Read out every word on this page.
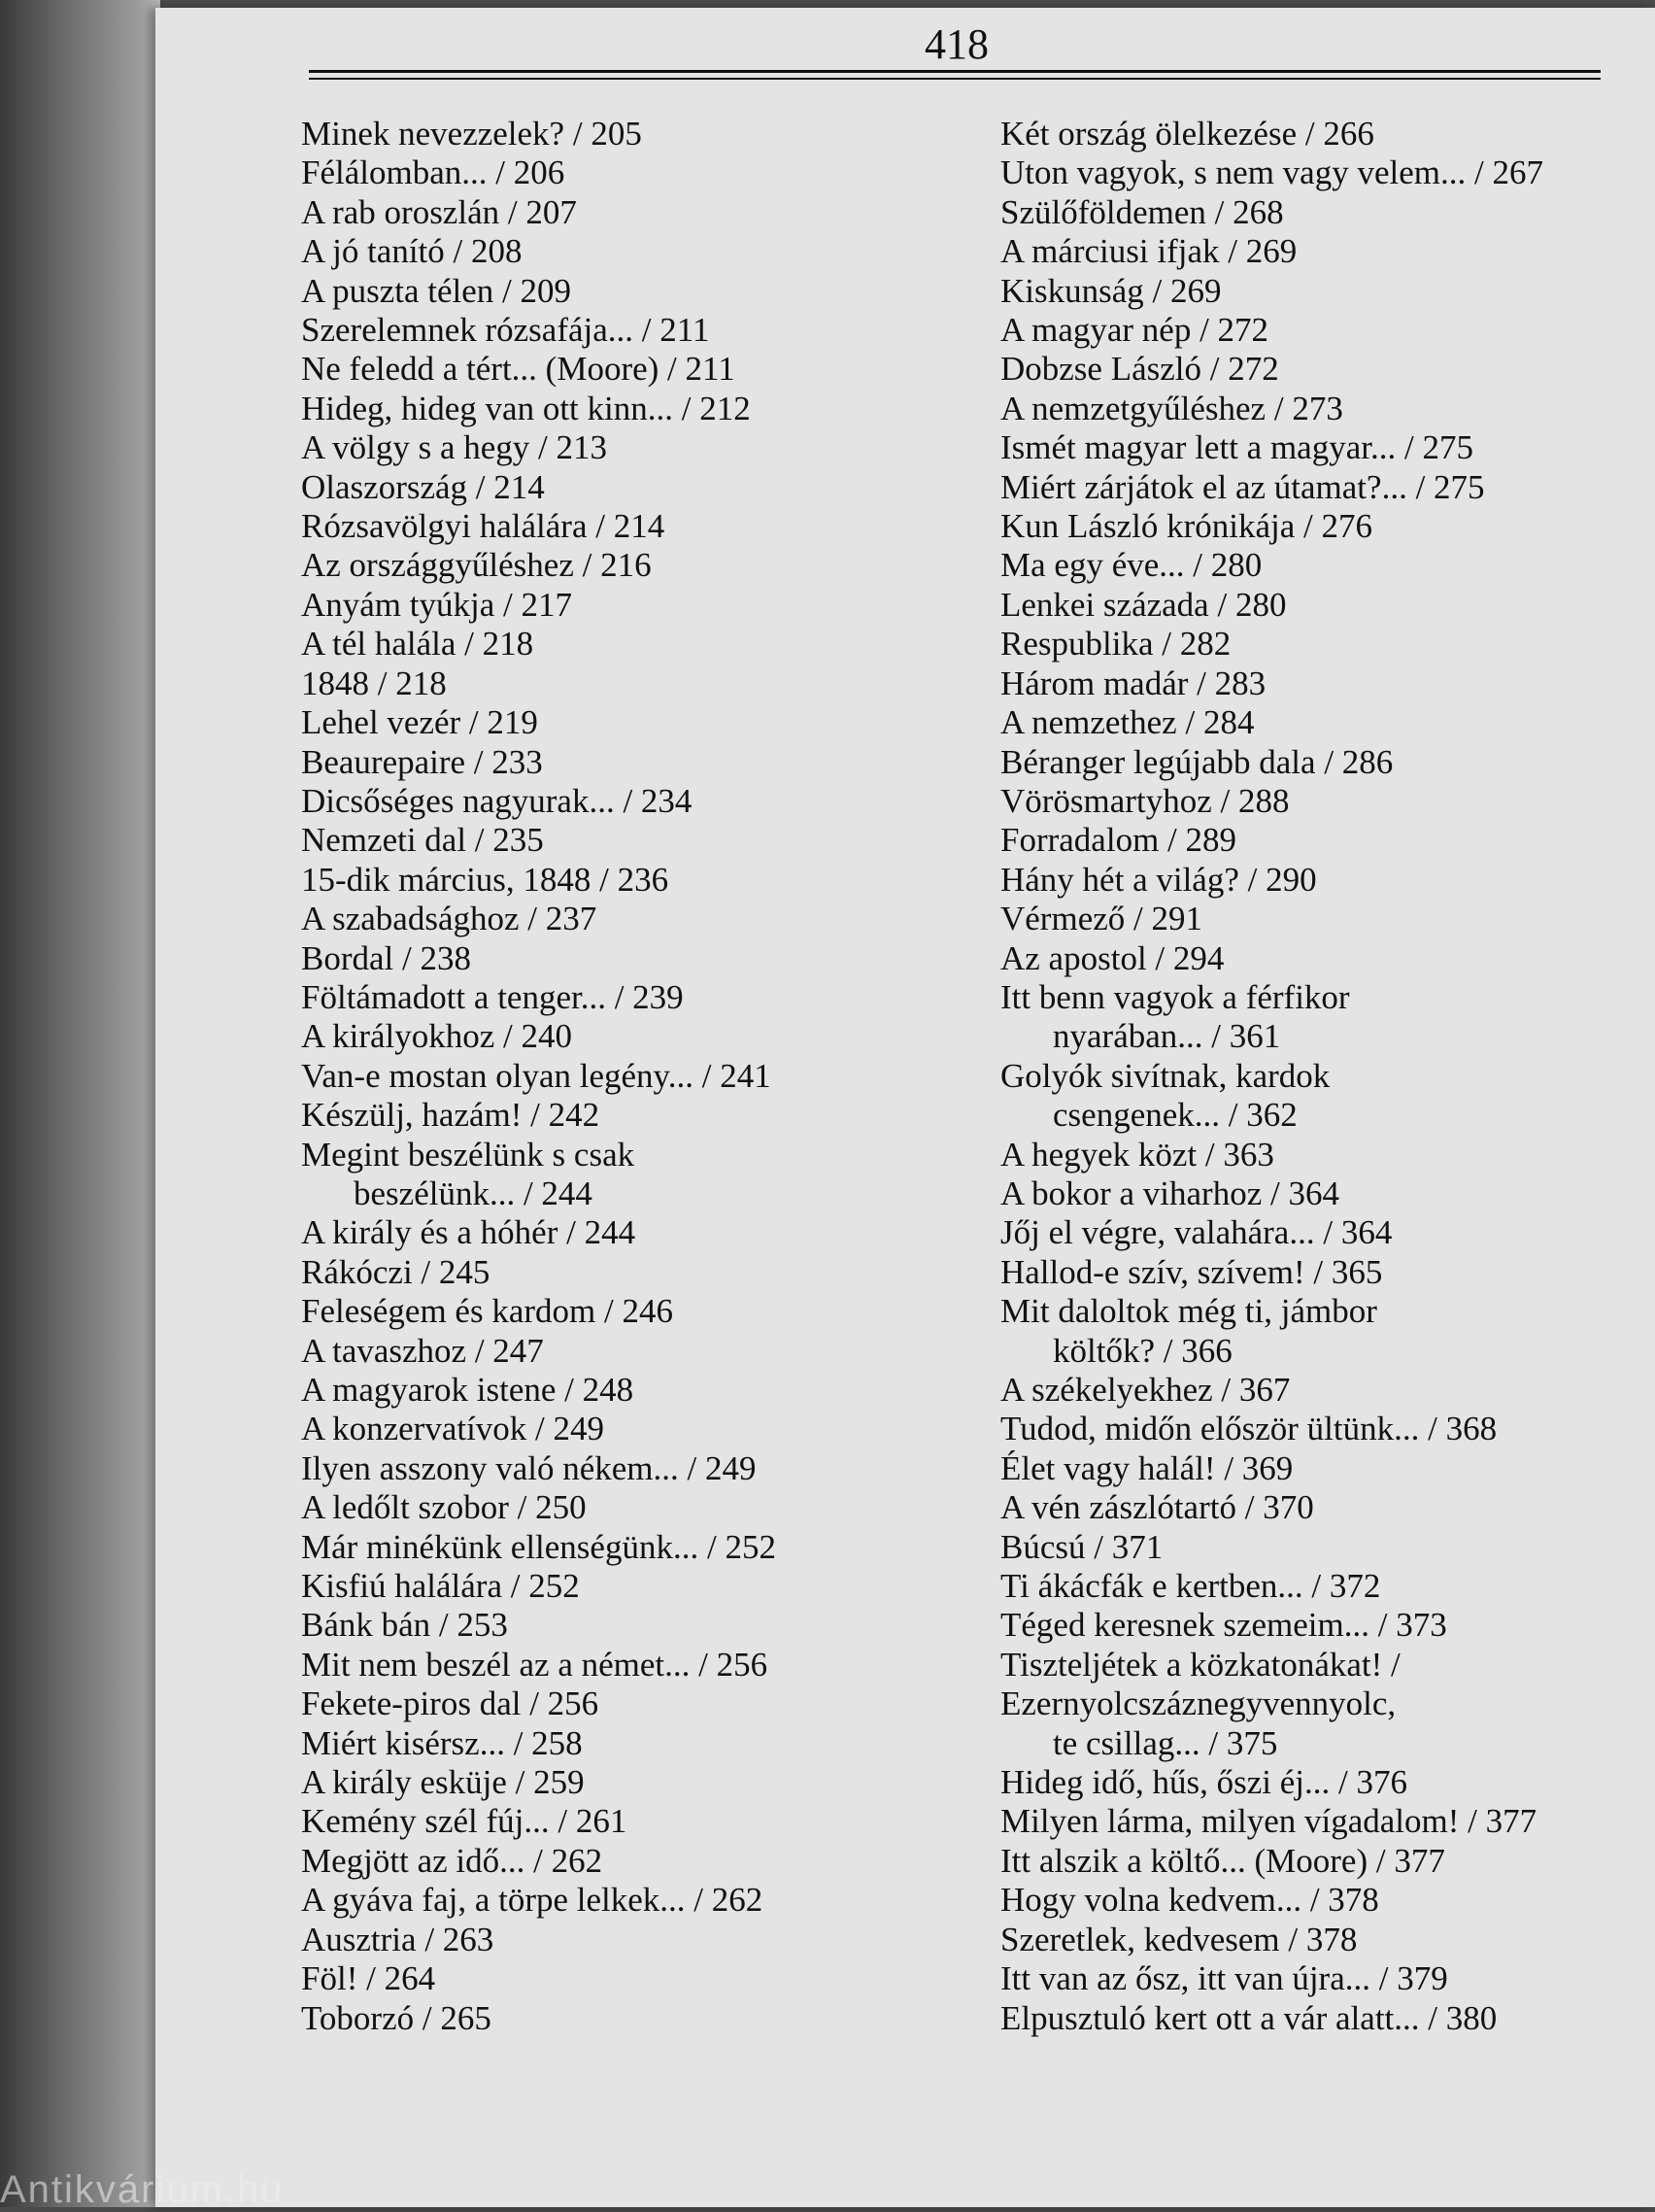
418
Minek nevezzelek? / 205
Félálomban... / 206
A rab oroszlán / 207
A jó tanító / 208
A puszta télen / 209
Szerelemnek rózsafája... / 211
Ne feledd a tért... (Moore) / 211
Hideg, hideg van ott kinn... / 212
A völgy s a hegy / 213
Olaszország / 214
Rózsavölgyi halálára / 214
Az országgyűléshez / 216
Anyám tyúkja / 217
A tél halála / 218
1848 / 218
Lehel vezér / 219
Beaurepaire / 233
Dicsőséges nagyurak... / 234
Nemzeti dal / 235
15-dik március, 1848 / 236
A szabadsághoz / 237
Bordal / 238
Föltámadott a tenger... / 239
A királyokhoz / 240
Van-e mostan olyan legény... / 241
Készülj, hazám! / 242
Megint beszélünk s csak
beszélünk... / 244
A király és a hóhér / 244
Rákóczi / 245
Feleségem és kardom / 246
A tavaszhoz / 247
A magyarok istene / 248
A konzervatívok / 249
Ilyen asszony való nékem... / 249
A ledőlt szobor / 250
Már minékünk ellenségünk... / 252
Kisfiú halálára / 252
Bánk bán / 253
Mit nem beszél az a német... / 256
Fekete-piros dal / 256
Miért kisérsz... / 258
A király esküje / 259
Kemény szél fúj... / 261
Megjött az idő... / 262
A gyáva faj, a törpe lelkek... / 262
Ausztria / 263
Föl! / 264
Toborzó / 265
Két ország ölelkezése / 266
Uton vagyok, s nem vagy velem... / 267
Szülőföldemen / 268
A márciusi ifjak / 269
Kiskunság / 269
A magyar nép / 272
Dobzse László / 272
A nemzetgyűléshez / 273
Ismét magyar lett a magyar... / 275
Miért zárjátok el az útamat?... / 275
Kun László krónikája / 276
Ma egy éve... / 280
Lenkei százada / 280
Respublika / 282
Három madár / 283
A nemzethez / 284
Béranger legújabb dala / 286
Vörösmartyhoz / 288
Forradalom / 289
Hány hét a világ? / 290
Vérmező / 291
Az apostol / 294
Itt benn vagyok a férfikor
nyarában... / 361
Golyók sivítnak, kardok
csengenek... / 362
A hegyek közt / 363
A bokor a viharhoz / 364
Jőj el végre, valahára... / 364
Hallod-e szív, szívem! / 365
Mit daloltok még ti, jámbor
költők? / 366
A székelyekhez / 367
Tudod, midőn először ültünk... / 368
Élet vagy halál! / 369
A vén zászlótartó / 370
Búcsú / 371
Ti ákácfák e kertben... / 372
Téged keresnek szemeim... / 373
Tiszteljétek a közkatonákat! /
Ezernyolcszáznegyvennyolc,
te csillag... / 375
Hideg idő, hűs, őszi éj... / 376
Milyen lárma, milyen vígadalom! / 377
Itt alszik a költő... (Moore) / 377
Hogy volna kedvem... / 378
Szeretlek, kedvesem / 378
Itt van az ősz, itt van újra... / 379
Elpusztuló kert ott a vár alatt... / 380
Antikvárium.hu
